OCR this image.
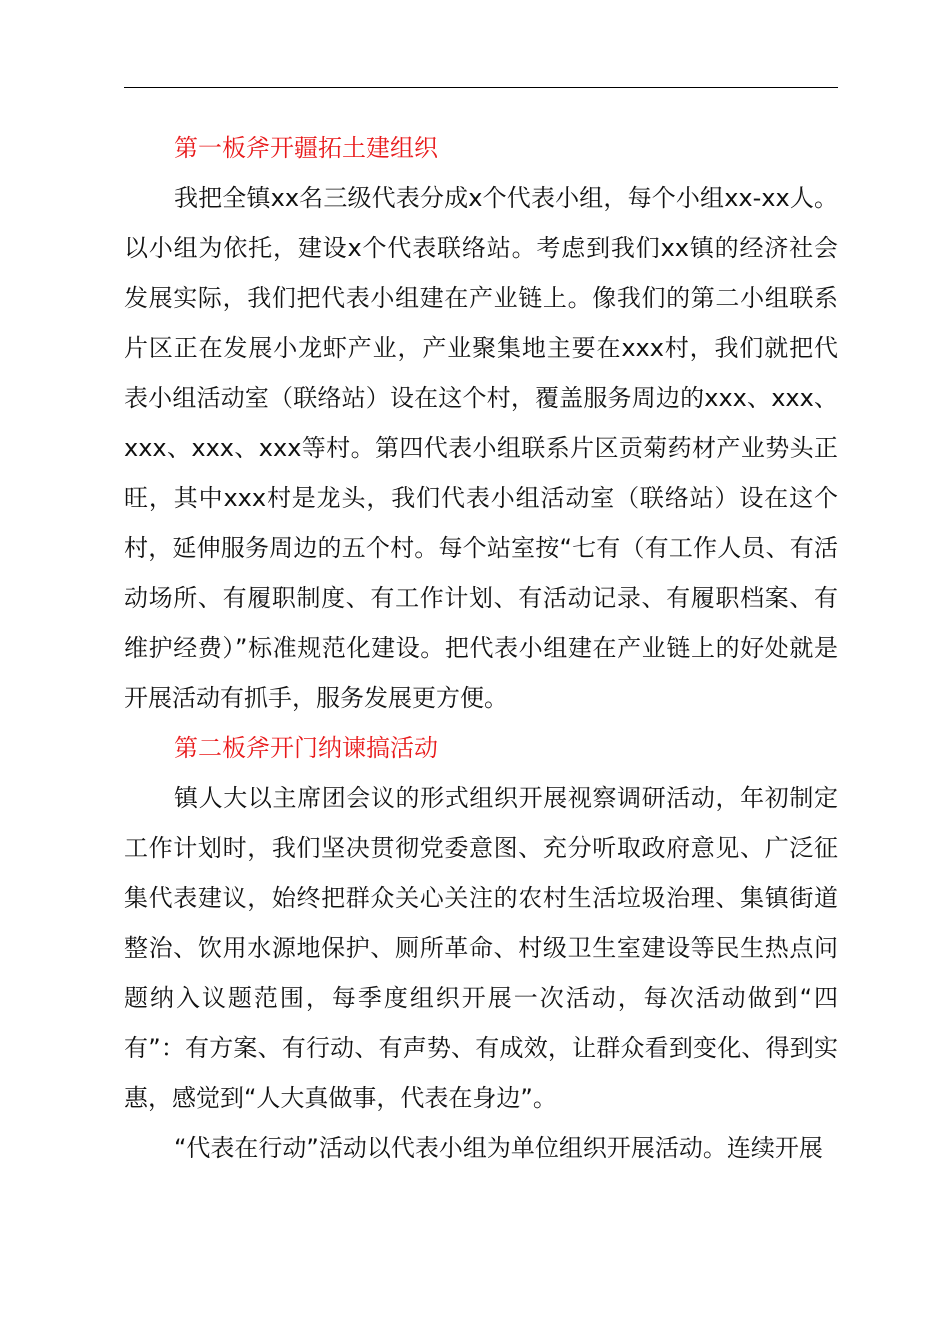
第一板斧开疆拓土建组织

我把全镇xx名三级代表分成x个代表小组，每个小组xx-xx人。以小组为依托，建设x个代表联络站。考虑到我们xx镇的经济社会发展实际，我们把代表小组建在产业链上。像我们的第二小组联系片区正在发展小龙虾产业，产业聚集地主要在xxx村，我们就把代表小组活动室（联络站）设在这个村，覆盖服务周边的xxx、xxx、xxx、xxx、xxx等村。第四代表小组联系片区贡菊药材产业势头正旺，其中xxx村是龙头，我们代表小组活动室（联络站）设在这个村，延伸服务周边的五个村。每个站室按“七有（有工作人员、有活动场所、有履职制度、有工作计划、有活动记录、有履职档案、有维护经费）”标准规范化建设。把代表小组建在产业链上的好处就是开展活动有抓手，服务发展更方便。

第二板斧开门纳谏搞活动

镇人大以主席团会议的形式组织开展视察调研活动，年初制定工作计划时，我们坚决贯彻党委意图、充分听取政府意见、广泛征集代表建议，始终把群众关心关注的农村生活垃圾治理、集镇街道整治、饮用水源地保护、厕所革命、村级卫生室建设等民生热点问题纳入议题范围，每季度组织开展一次活动，每次活动做到“四有”：有方案、有行动、有声势、有成效，让群众看到变化、得到实惠，感觉到“人大真做事，代表在身边”。

“代表在行动”活动以代表小组为单位组织开展活动。连续开展
